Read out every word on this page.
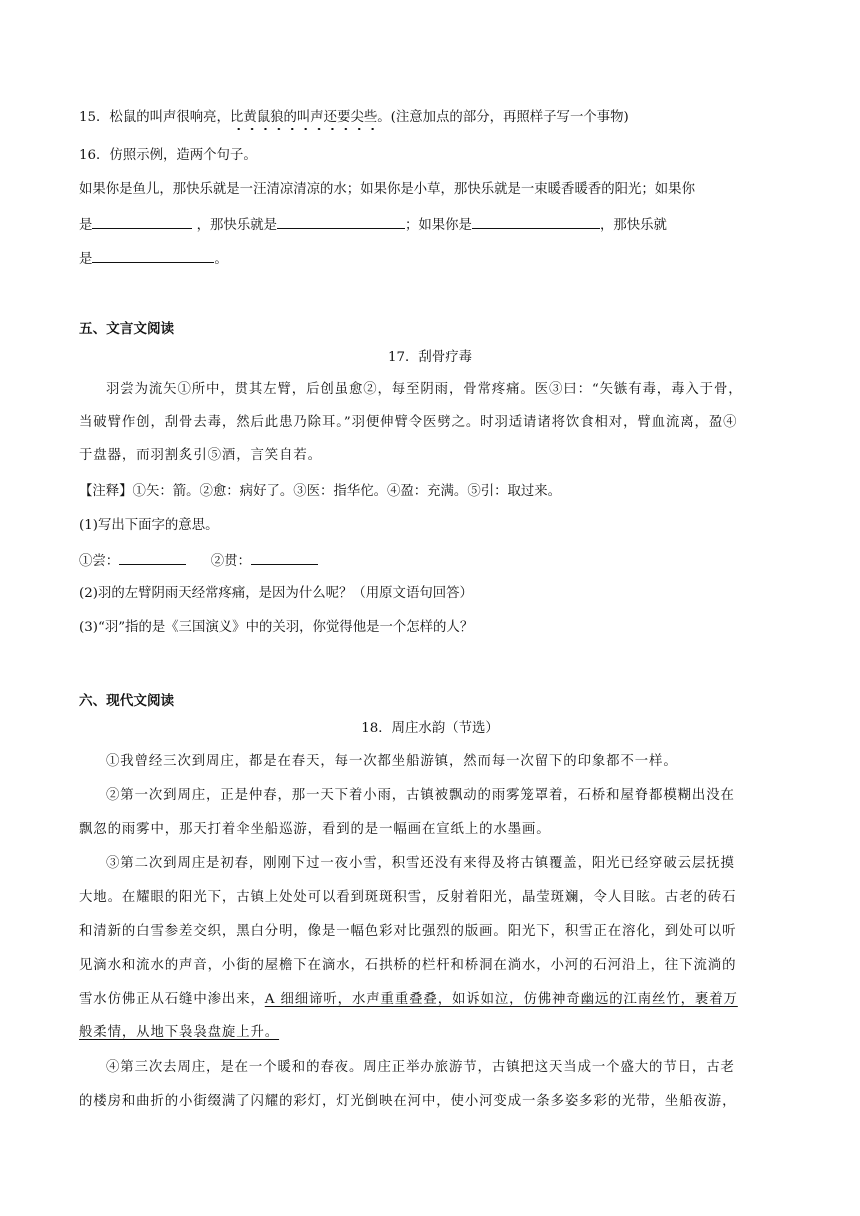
15．松鼠的叫声很响亮，比黄鼠狼的叫声还要尖些。(注意加点的部分，再照样子写一个事物)
16．仿照示例，造两个句子。
如果你是鱼儿，那快乐就是一汪清凉清凉的水；如果你是小草，那快乐就是一束暖香暖香的阳光；如果你
是	，那快乐就是	；如果你是	，那快乐就
是	。
五、文言文阅读
17．刮骨疗毒
羽尝为流矢①所中，贯其左臂，后创虽愈②，每至阴雨，骨常疼痛。医③曰：“矢镞有毒，毒入于骨，
当破臂作创，刮骨去毒，然后此患乃除耳。”羽便伸臂令医劈之。时羽适请诸将饮食相对，臂血流离，盈④
于盘器，而羽割炙引⑤酒，言笑自若。
【注释】①矢：箭。②愈：病好了。③医：指华佗。④盈：充满。⑤引：取过来。
(1)写出下面字的意思。
①尝：	②贯：
(2)羽的左臂阴雨天经常疼痛，是因为什么呢？（用原文语句回答）
(3)“羽”指的是《三国演义》中的关羽，你觉得他是一个怎样的人？
六、现代文阅读
18．周庄水韵（节选）
①我曾经三次到周庄，都是在春天，每一次都坐船游镇，然而每一次留下的印象都不一样。
②第一次到周庄，正是仲春，那一天下着小雨，古镇被飘动的雨雾笼罩着，石桥和屋脊都模糊出没在
飘忽的雨雾中，那天打着伞坐船巡游，看到的是一幅画在宣纸上的水墨画。
③第二次到周庄是初春，刚刚下过一夜小雪，积雪还没有来得及将古镇覆盖，阳光已经穿破云层抚摸
大地。在耀眼的阳光下，古镇上处处可以看到斑斑积雪，反射着阳光，晶莹斑斓，令人目眩。古老的砖石
和清新的白雪参差交织，黑白分明，像是一幅色彩对比强烈的版画。阳光下，积雪正在溶化，到处可以听
见滴水和流水的声音，小街的屋檐下在滴水，石拱桥的栏杆和桥洞在淌水，小河的石河沿上，往下流淌的
雪水仿佛正从石缝中渗出来，A 细细谛听，水声重重叠叠，如诉如泣，仿佛神奇幽远的江南丝竹，裹着万
般柔情，从地下袅袅盘旋上升。
④第三次去周庄，是在一个暖和的春夜。周庄正举办旅游节，古镇把这天当成一个盛大的节日，古老
的楼房和曲折的小街缀满了闪耀的彩灯，灯光倒映在河中，使小河变成一条多姿多彩的光带，坐船夜游，
